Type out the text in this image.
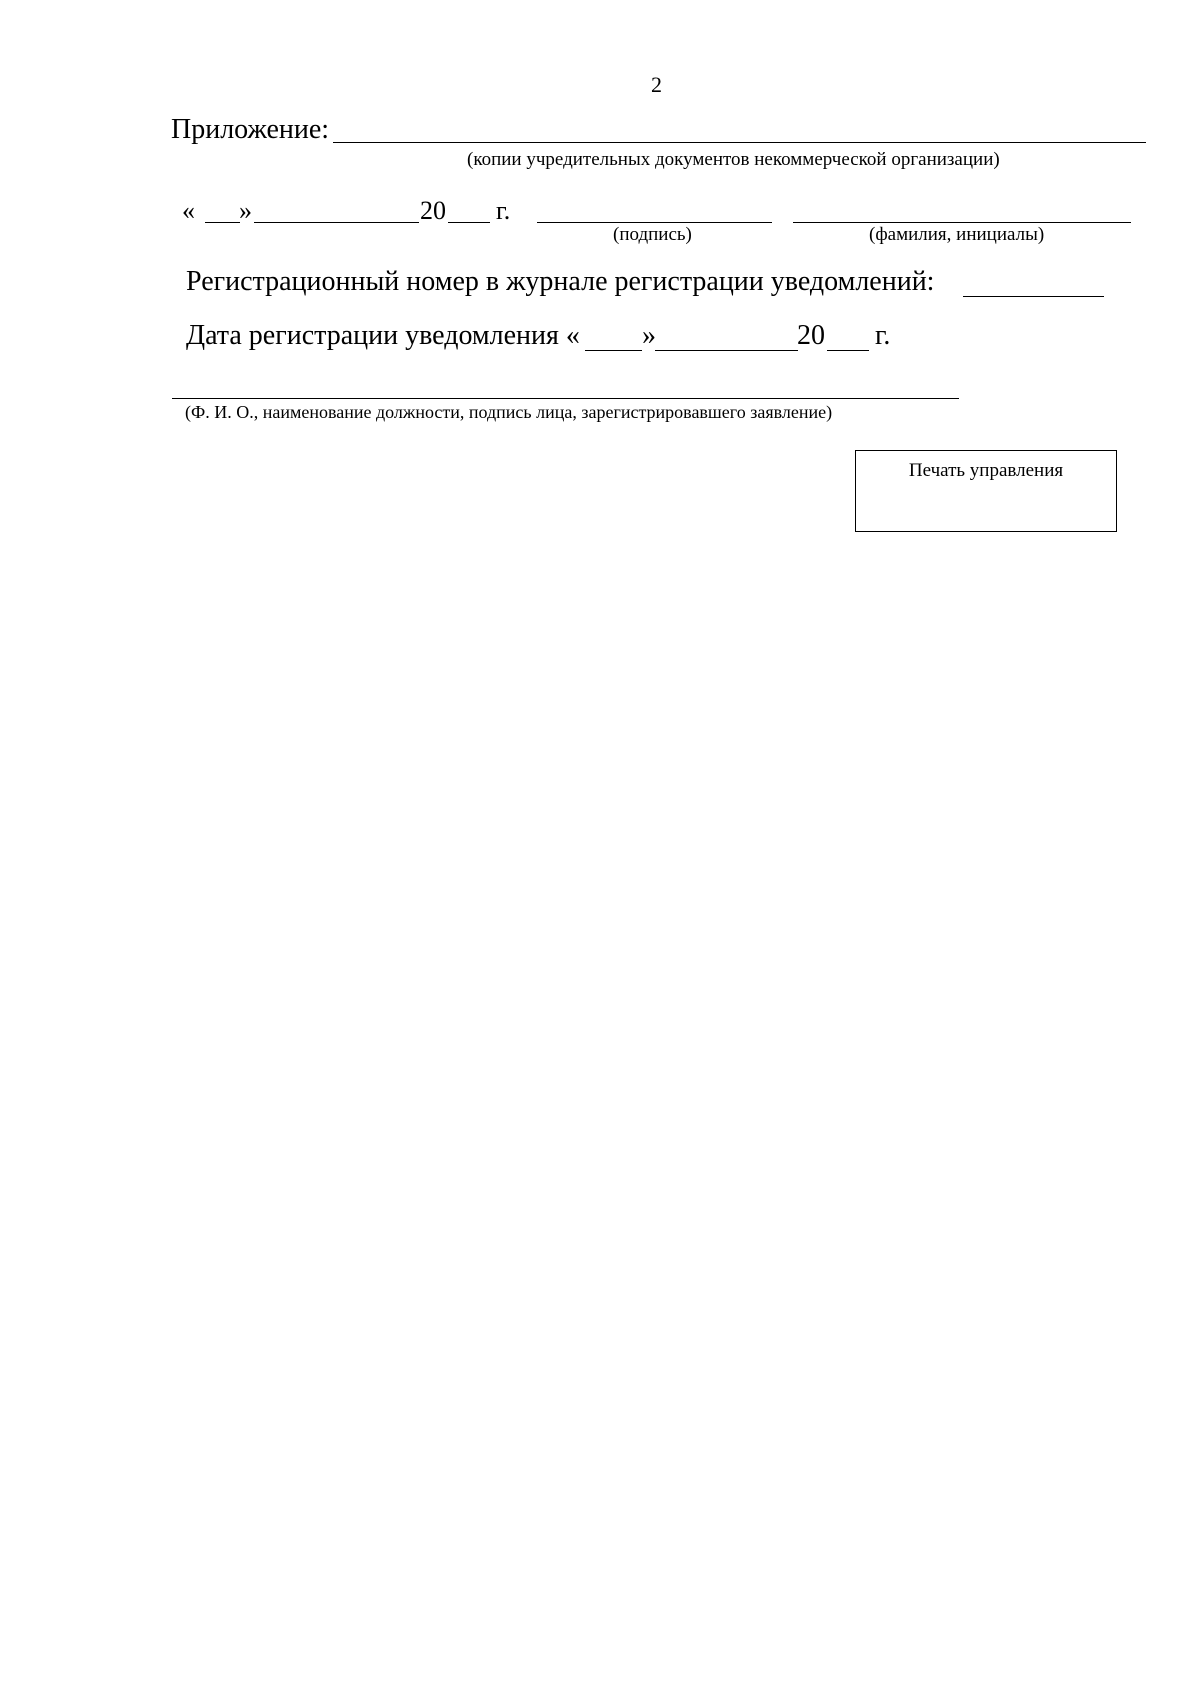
2
Приложение:
(копии учредительных документов некоммерческой организации)
« »	20 г.
(подпись)	(фамилия, инициалы)
Регистрационный номер в журнале регистрации уведомлений:
Дата регистрации уведомления « »	20 г.
(Ф. И. О., наименование должности, подпись лица, зарегистрировавшего заявление)
Печать управления
